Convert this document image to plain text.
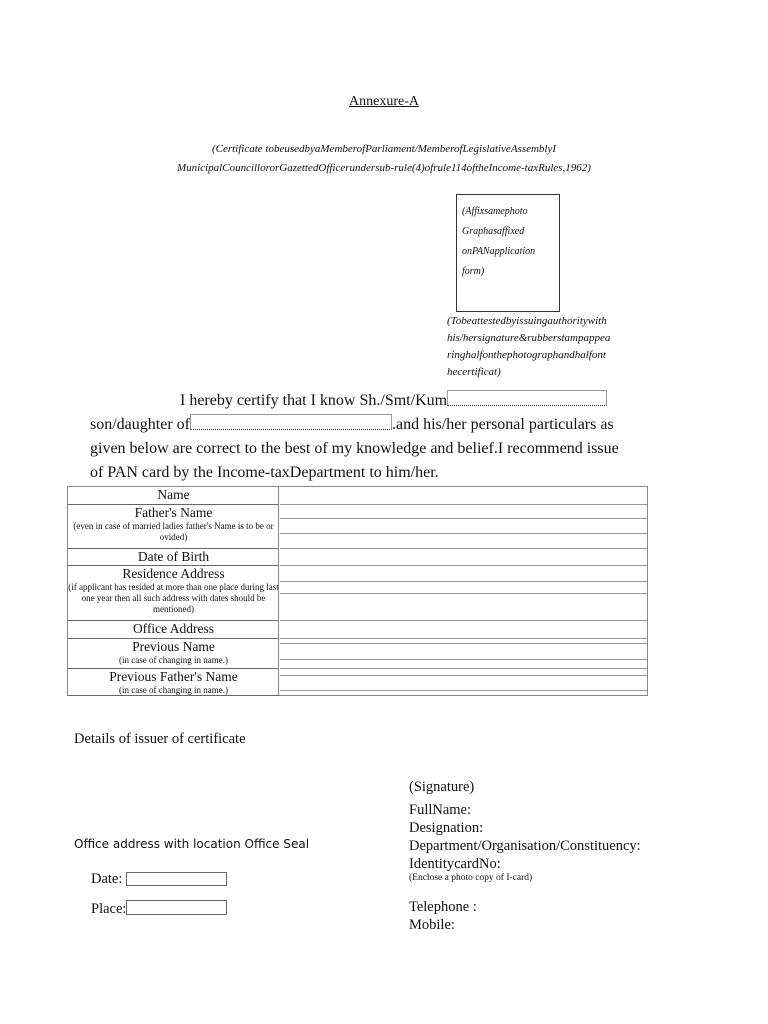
Annexure-A
(Certificate tobeusedbyaMemberofParliament/MemberofLegislativeAssemblyI
MunicipalCouncillororGazettedOfficerundersub-rule(4)ofrule114oftheIncome-taxRules,1962)
(Affixsamephoto
Graphasaffixed
onPANapplication
form)
(Tobeattestedbyissuingauthoritywith
his/hersignature&rubberstampappea
ringhalfonthephotographandhalfont
hecertificat)
I hereby certify that I know Sh./Smt/Kum
son/daughter of	.and his/her personal particulars as
given below are correct to the best of my knowledge and belief.I recommend issue
of PAN card by the Income-taxDepartment to him/her.
Name
Father's Name
(even in case of married ladies father's Name is to be or ovided)
Date of Birth
Residence Address
(if applicant has resided at more than one place during last one year then all such address with dates should be mentioned)
Office Address
Previous Name
(in case of changing in name.)
Previous Father's Name
(in case of changing in name.)
Details of issuer of certificate
(Signature)
FullName:
Designation:
Department/Organisation/Constituency:
IdentitycardNo:
(Enclose a photo copy of I-card)
Office address with location Office Seal
Date:
Place:	Telephone :
Mobile:
